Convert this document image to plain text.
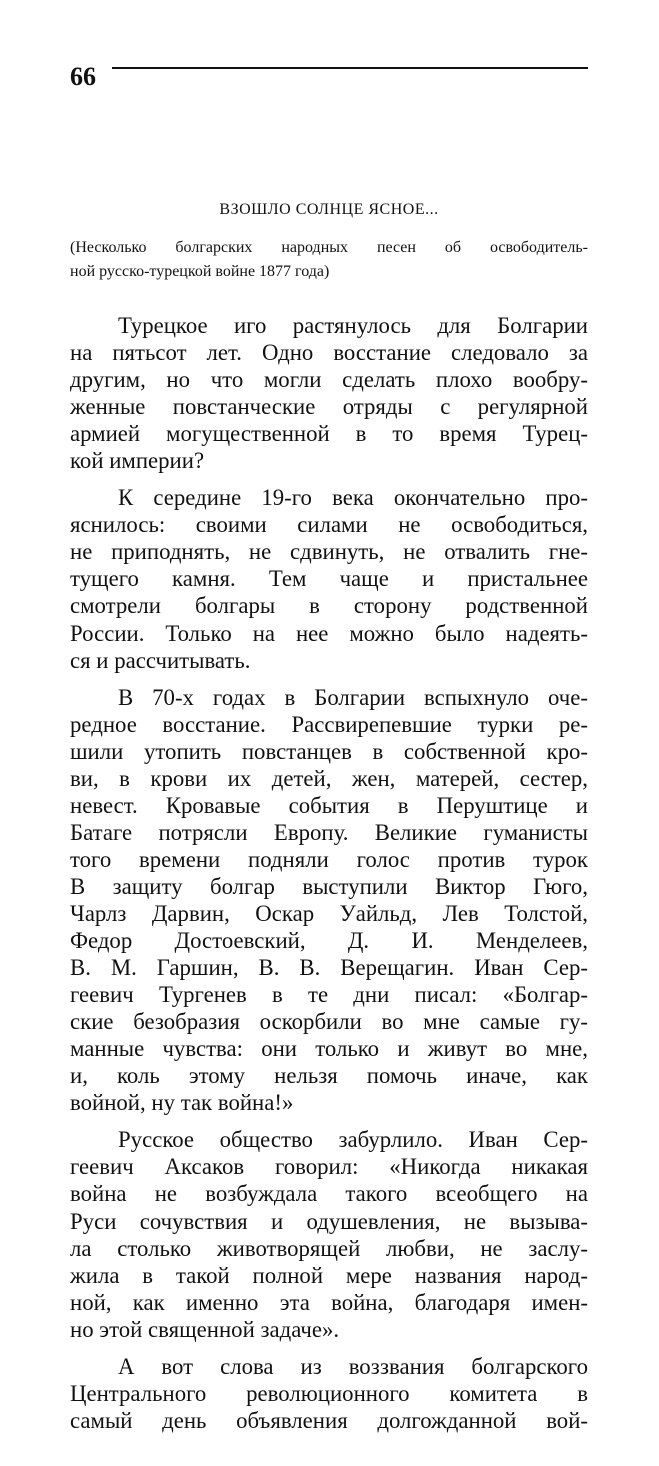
66
ВЗОШЛО СОЛНЦЕ ЯСНОЕ...
(Несколько болгарских народных песен об освободитель-
ной русско-турецкой войне 1877 года)
Турецкое иго растянулось для Болгарии
на пятьсот лет. Одно восстание следовало за
другим, но что могли сделать плохо вообру-
женные повстанческие отряды с регулярной
армией могущественной в то время Турец-
кой империи?
К середине 19-го века окончательно про-
яснилось: своими силами не освободиться,
не приподнять, не сдвинуть, не отвалить гне-
тущего камня. Тем чаще и пристальнее
смотрели болгары в сторону родственной
России. Только на нее можно было надеять-
ся и рассчитывать.
В 70-х годах в Болгарии вспыхнуло оче-
редное восстание. Рассвирепевшие турки ре-
шили утопить повстанцев в собственной кро-
ви, в крови их детей, жен, матерей, сестер,
невест. Кровавые события в Перуштице и
Батаге потрясли Европу. Великие гуманисты
того времени подняли голос против турок
В защиту болгар выступили Виктор Гюго,
Чарлз Дарвин, Оскар Уайльд, Лев Толстой,
Федор Достоевский, Д. И. Менделеев,
В. М. Гаршин, В. В. Верещагин. Иван Сер-
геевич Тургенев в те дни писал: «Болгар-
ские безобразия оскорбили во мне самые гу-
манные чувства: они только и живут во мне,
и, коль этому нельзя помочь иначе, как
войной, ну так война!»
Русское общество забурлило. Иван Сер-
геевич Аксаков говорил: «Никогда никакая
война не возбуждала такого всеобщего на
Руси сочувствия и одушевления, не вызыва-
ла столько животворящей любви, не заслу-
жила в такой полной мере названия народ-
ной, как именно эта война, благодаря имен-
но этой священной задаче».
А вот слова из воззвания болгарского
Центрального революционного комитета в
самый день объявления долгожданной вой-
